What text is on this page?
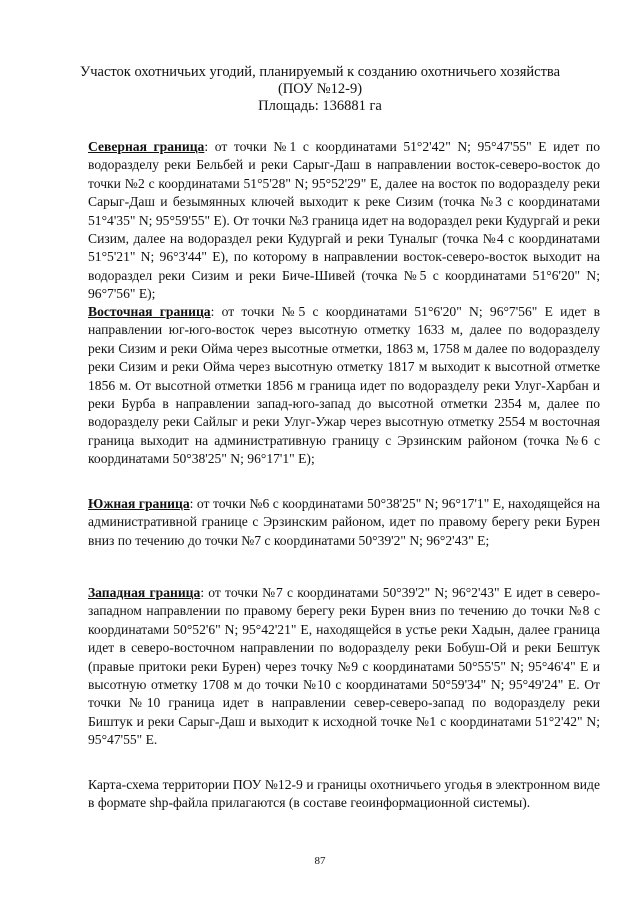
Участок охотничьих угодий, планируемый к созданию охотничьего хозяйства
(ПОУ №12-9)
Площадь: 136881 га
Северная граница: от точки №1 с координатами 51°2'42" N; 95°47'55" E идет по водоразделу реки Бельбей и реки Сарыг-Даш в направлении восток-северо-восток до точки №2 с координатами 51°5'28" N; 95°52'29" E, далее на восток по водоразделу реки Сарыг-Даш и безымянных ключей выходит к реке Сизим (точка №3 с координатами 51°4'35" N; 95°59'55" E). От точки №3 граница идет на водораздел реки Кудургай и реки Сизим, далее на водораздел реки Кудургай и реки Туналыг (точка №4 с координатами 51°5'21" N; 96°3'44" E), по которому в направлении восток-северо-восток выходит на водораздел реки Сизим и реки Биче-Шивей (точка №5 с координатами 51°6'20" N; 96°7'56" E);
Восточная граница: от точки №5 с координатами 51°6'20" N; 96°7'56" E идет в направлении юг-юго-восток через высотную отметку 1633 м, далее по водоразделу реки Сизим и реки Ойма через высотные отметки, 1863 м, 1758 м далее по водоразделу реки Сизим и реки Ойма через высотную отметку 1817 м выходит к высотной отметке 1856 м. От высотной отметки 1856 м граница идет по водоразделу реки Улуг-Харбан и реки Бурба в направлении запад-юго-запад до высотной отметки 2354 м, далее по водоразделу реки Сайлыг и реки Улуг-Ужар через высотную отметку 2554 м восточная граница выходит на административную границу с Эрзинским районом (точка №6 с координатами 50°38'25" N; 96°17'1" E);
Южная граница: от точки №6 с координатами 50°38'25" N; 96°17'1" E, находящейся на административной границе с Эрзинским районом, идет по правому берегу реки Бурен вниз по течению до точки №7 с координатами 50°39'2" N; 96°2'43" E;
Западная граница: от точки №7 с координатами 50°39'2" N; 96°2'43" E идет в северо-западном направлении по правому берегу реки Бурен вниз по течению до точки №8 с координатами 50°52'6" N; 95°42'21" E, находящейся в устье реки Хадын, далее граница идет в северо-восточном направлении по водоразделу реки Бобуш-Ой и реки Бештук (правые притоки реки Бурен) через точку №9 с координатами 50°55'5" N; 95°46'4" E и высотную отметку 1708 м до точки №10 с координатами 50°59'34" N; 95°49'24" E. От точки №10 граница идет в направлении север-северо-запад по водоразделу реки Биштук и реки Сарыг-Даш и выходит к исходной точке №1 с координатами 51°2'42" N; 95°47'55" E.
Карта-схема территории ПОУ №12-9 и границы охотничьего угодья в электронном виде в формате shp-файла прилагаются (в составе геоинформационной системы).
87
